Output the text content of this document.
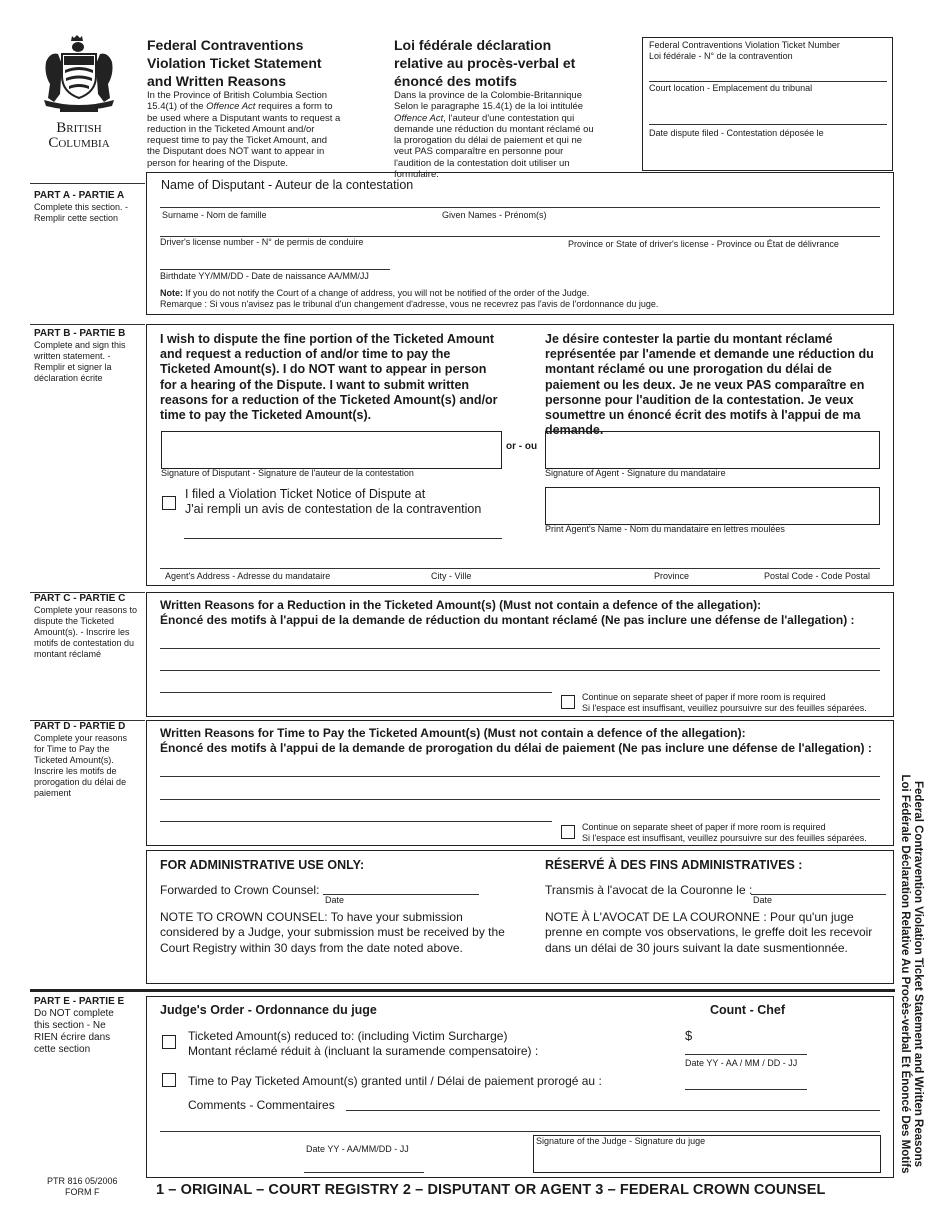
British
Columbia
Federal Contraventions
Violation Ticket Statement
and Written Reasons
In the Province of British Columbia Section 15.4(1) of the Offence Act requires a form to be used where a Disputant wants to request a reduction in the Ticketed Amount and/or request time to pay the Ticket Amount, and the Disputant does NOT want to appear in person for hearing of the Dispute.
Loi fédérale déclaration
relative au procès-verbal et
énoncé des motifs
Dans la province de la Colombie-Britannique Selon le paragraphe 15.4(1) de la loi intitulée Offence Act, l'auteur d'une contestation qui demande une réduction du montant réclamé ou la prorogation du délai de paiement et qui ne veut PAS comparaître en personne pour l'audition de la contestation doit utiliser un formulaire.
Federal Contraventions Violation Ticket Number
Loi fédérale - N° de la contravention
Court location - Emplacement du tribunal
Date dispute filed - Contestation déposée le
PART A - PARTIE A
Complete this section. - Remplir cette section
Name of Disputant - Auteur de la contestation
Surname - Nom de famille	Given Names - Prénom(s)
Driver's license number - N° de permis de conduire	Province or State of driver's license - Province ou État de délivrance
Birthdate YY/MM/DD - Date de naissance AA/MM/JJ
Note: If you do not notify the Court of a change of address, you will not be notified of the order of the Judge.
Remarque : Si vous n'avisez pas le tribunal d'un changement d'adresse, vous ne recevrez pas l'avis de l'ordonnance du juge.
PART B - PARTIE B
Complete and sign this written statement. - Remplir et signer la déclaration écrite
I wish to dispute the fine portion of the Ticketed Amount and request a reduction of and/or time to pay the Ticketed Amount(s). I do NOT want to appear in person for a hearing of the Dispute. I want to submit written reasons for a reduction of the Ticketed Amount(s) and/or time to pay the Ticketed Amount(s).
Je désire contester la partie du montant réclamé représentée par l'amende et demande une réduction du montant réclamé ou une prorogation du délai de paiement ou les deux. Je ne veux PAS comparaître en personne pour l'audition de la contestation. Je veux soumettre un énoncé écrit des motifs à l'appui de ma demande.
or - ou
Signature of Disputant - Signature de l'auteur de la contestation	Signature of Agent - Signature du mandataire
I filed a Violation Ticket Notice of Dispute at
J'ai rempli un avis de contestation de la contravention
Print Agent's Name - Nom du mandataire en lettres moulées
Agent's Address - Adresse du mandataire	City - Ville	Province	Postal Code - Code Postal
PART C - PARTIE C
Complete your reasons to dispute the Ticketed Amount(s). - Inscrire les motifs de contestation du montant réclamé
Written Reasons for a Reduction in the Ticketed Amount(s) (Must not contain a defence of the allegation):
Énoncé des motifs à l'appui de la demande de réduction du montant réclamé (Ne pas inclure une défense de l'allegation) :
Continue on separate sheet of paper if more room is required
Si l'espace est insuffisant, veuillez poursuivre sur des feuilles séparées.
PART D - PARTIE D
Complete your reasons for Time to Pay the Ticketed Amount(s). Inscrire les motifs de prorogation du délai de paiement
Written Reasons for Time to Pay the Ticketed Amount(s) (Must not contain a defence of the allegation):
Énoncé des motifs à l'appui de la demande de prorogation du délai de paiement (Ne pas inclure une défense de l'allegation) :
Continue on separate sheet of paper if more room is required
Si l'espace est insuffisant, veuillez poursuivre sur des feuilles séparées.
FOR ADMINISTRATIVE USE ONLY:	RÉSERVÉ À DES FINS ADMINISTRATIVES :
Forwarded to Crown Counsel:
Date
Transmis à l'avocat de la Couronne le :
Date
NOTE TO CROWN COUNSEL: To have your submission considered by a Judge, your submission must be received by the Court Registry within 30 days from the date noted above.
NOTE À L'AVOCAT DE LA COURONNE : Pour qu'un juge prenne en compte vos observations, le greffe doit les recevoir dans un délai de 30 jours suivant la date susmentionnée.
PART E - PARTIE E
Do NOT complete this section - Ne RIEN écrire dans cette section
Judge's Order - Ordonnance du juge	Count - Chef
Ticketed Amount(s) reduced to: (including Victim Surcharge)
Montant réclamé réduit à (incluant la suramende compensatoire) :
$
Date YY - AA / MM / DD - JJ
Time to Pay Ticketed Amount(s) granted until / Délai de paiement prorogé au :
Comments - Commentaires
Date YY - AA/MM/DD - JJ
Signature of the Judge - Signature du juge
PTR 816 05/2006
FORM F	1 – ORIGINAL – COURT REGISTRY 2 – DISPUTANT OR AGENT 3 – FEDERAL CROWN COUNSEL
Federal Contravention Violation Ticket Statement and Written Reasons
Loi Fédérale Déclaration Relative Au Procès-verbal Et Énoncé Des Motifs
